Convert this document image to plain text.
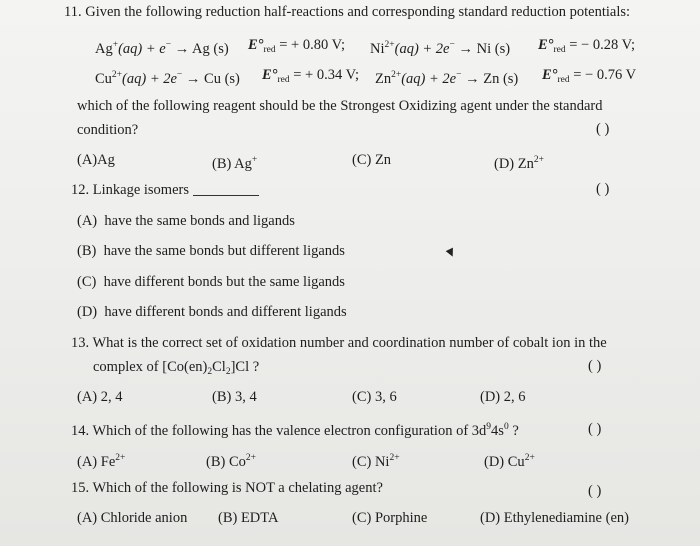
11. Given the following reduction half-reactions and corresponding standard reduction potentials:
Ag+(aq) + e− → Ag (s) $E^\circ_{red}$ = + 0.80 V; $Ni^{2+}(aq) + 2e^- \to Ni$ (s) $E^\circ_{red}$ = − 0.28 V;
$Cu^{2+}(aq) + 2e^- \to Cu$ (s) $E^\circ_{red}$ = + 0.34 V; $Zn^{2+}(aq) + 2e^- \to Zn$ (s) $E^\circ_{red}$ = − 0.76 V
which of the following reagent should be the Strongest Oxidizing agent under the standard
condition?	( )
(A)Ag	(B) Ag+	(C) Zn	(D) $Zn^{2+}$
12. Linkage isomers	( )
(A) have the same bonds and ligands
(B) have the same bonds but different ligands
(C) have different bonds but the same ligands
(D) have different bonds and different ligands
13. What is the correct set of oxidation number and coordination number of cobalt ion in the
complex of $[Co(en)_2Cl_2]Cl$ ?	( )
(A) 2, 4	(B) 3, 4	(C) 3, 6	(D) 2, 6
14. Which of the following has the valence electron configuration of $3d^94s^0$ ?	( )
(A) $Fe^{2+}$	(B) $Co^{2+}$	(C) $Ni^{2+}$	(D) $Cu^{2+}$
15. Which of the following is NOT a chelating agent?	( )
(A) Chloride anion (B) EDTA	(C) Porphine	(D) Ethylenediamine (en)
